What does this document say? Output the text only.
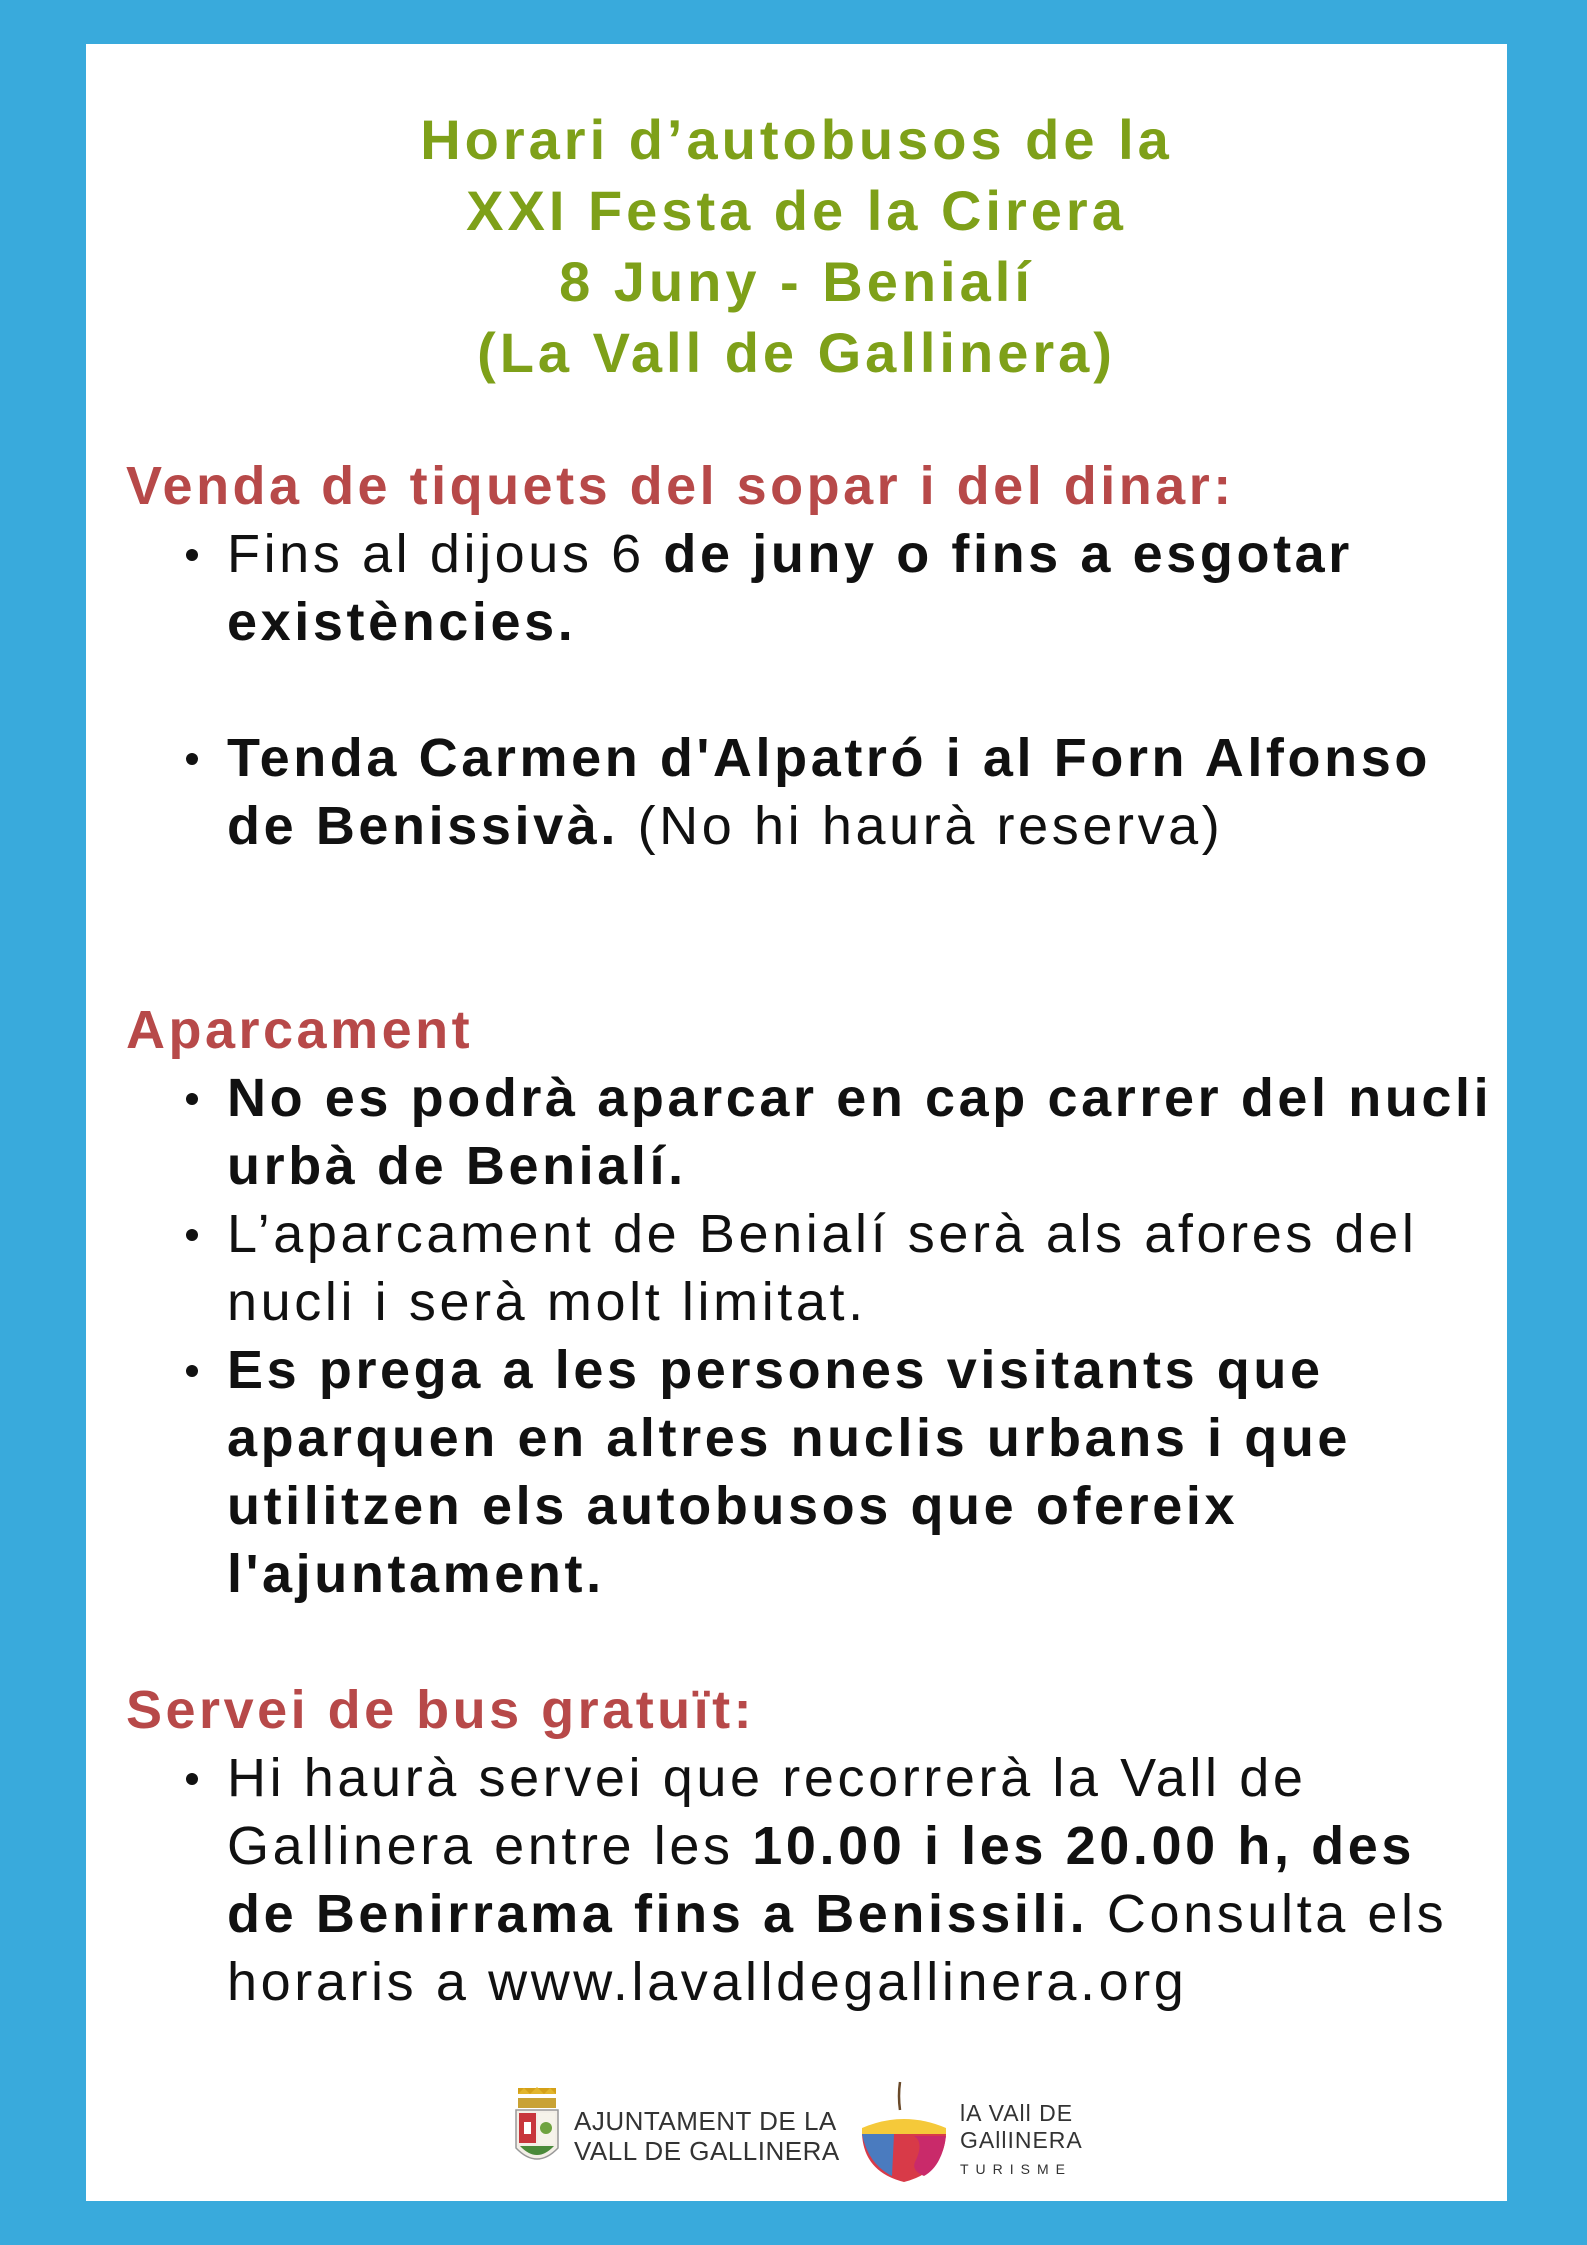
Horari d’autobusos de la
XXI Festa de la Cirera
8 Juny - Benialí
(La Vall de Gallinera)
Venda de tiquets del sopar i del dinar:
Fins al dijous 6 de juny o fins a esgotar existències.
Tenda Carmen d'Alpatró i al Forn Alfonso de Benissivà. (No hi haurà reserva)
Aparcament
No es podrà aparcar en cap carrer del nucli urbà de Benialí.
L’aparcament de Benialí serà als afores del nucli i serà molt limitat.
Es prega a les persones visitants que aparquen en altres nuclis urbans i que utilitzen els autobusos que ofereix l'ajuntament.
Servei de bus gratuït:
Hi haurà servei que recorrerà la Vall de Gallinera entre les 10.00 i les 20.00 h, des de Benirrama fins a Benissili. Consulta els horaris a www.lavalldegallinera.org
AJUNTAMENT DE LA
VALL DE GALLINERA
lA VAll DE
GAllINERA
TURISME
